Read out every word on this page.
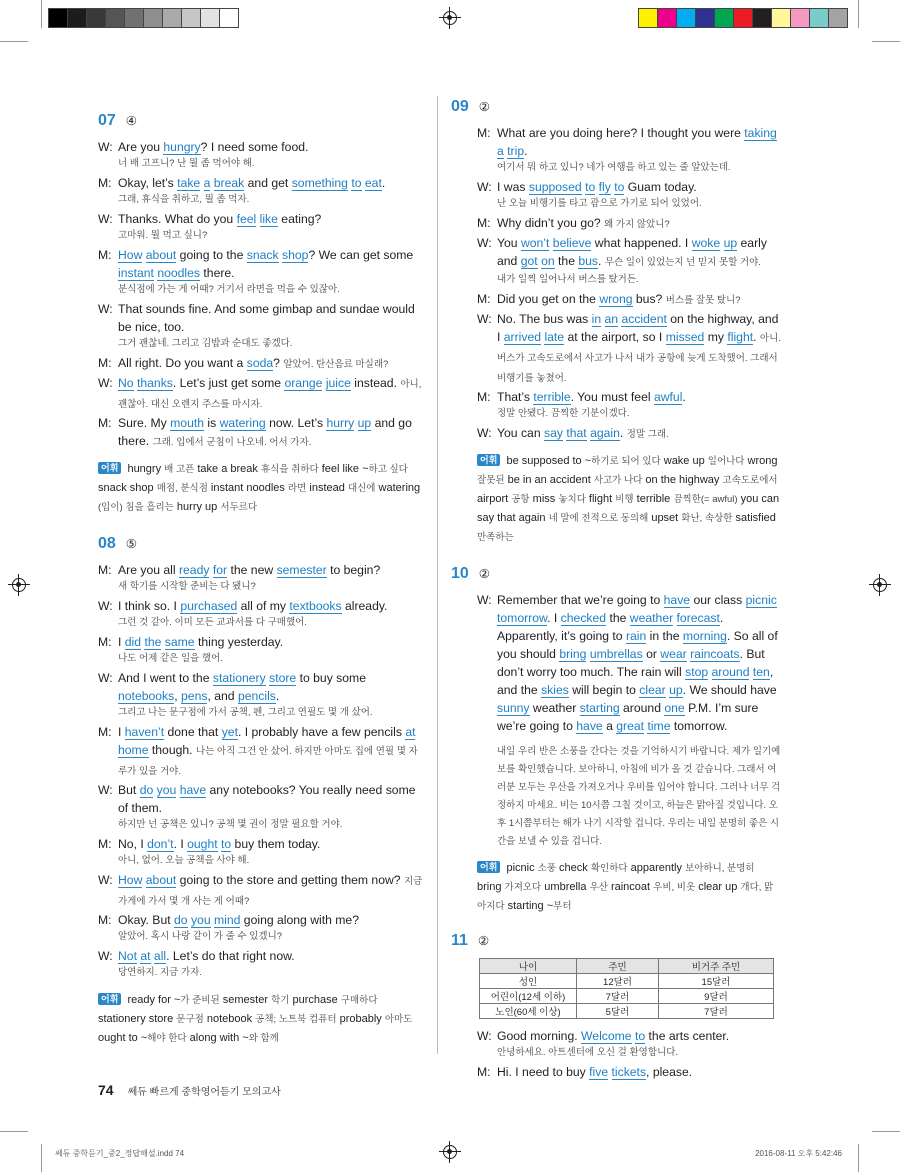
07 ④
W: Are you hungry? I need some food.
너 배 고프니? 난 뭘 좀 먹어야 해.
M: Okay, let’s take a break and get something to eat.
그래, 휴식을 취하고, 뭘 좀 먹자.
W: Thanks. What do you feel like eating?
고마워. 뭘 먹고 싶니?
M: How about going to the snack shop? We can get some instant noodles there.
분식점에 가는 게 어때? 거기서 라면을 먹을 수 있잖아.
W: That sounds fine. And some gimbap and sundae would be nice, too.
그거 괜찮네. 그리고 김밥과 순대도 좋겠다.
M: All right. Do you want a soda? 알았어. 탄산음료 마실래?
W: No thanks. Let’s just get some orange juice instead. 아니, 괜찮아. 대신 오렌지 주스를 마시자.
M: Sure. My mouth is watering now. Let’s hurry up and go there. 그래. 입에서 군침이 나오네. 어서 가자.
어휘 hungry 배 고픈 take a break 휴식을 취하다 feel like ~하고 싶다 snack shop 매점, 분식점 instant noodles 라면 instead 대신에 watering (입이) 침을 흘리는 hurry up 서두르다
08 ⑤
M: Are you all ready for the new semester to begin?
새 학기를 시작할 준비는 다 됐니?
W: I think so. I purchased all of my textbooks already.
그런 것 같아. 이미 모든 교과서를 다 구매했어.
M: I did the same thing yesterday.
나도 어제 같은 일을 했어.
W: And I went to the stationery store to buy some notebooks, pens, and pencils.
그리고 나는 문구점에 가서 공책, 펜, 그리고 연필도 몇 개 샀어.
M: I haven’t done that yet. I probably have a few pencils at home though. 나는 아직 그건 안 샀어. 하지만 아마도 집에 연필 몇 자루가 있을 거야.
W: But do you have any notebooks? You really need some of them.
하지만 넌 공책은 있니? 공책 몇 권이 정말 필요할 거야.
M: No, I don’t. I ought to buy them today.
아니, 없어. 오늘 공책을 사야 해.
W: How about going to the store and getting them now? 지금 가게에 가서 몇 개 사는 게 어때?
M: Okay. But do you mind going along with me?
알았어. 혹시 나랑 같이 가 줄 수 있겠니?
W: Not at all. Let’s do that right now.
당연하지. 지금 가자.
어휘 ready for ~가 준비된 semester 학기 purchase 구매하다 stationery store 문구점 notebook 공책; 노트북 컴퓨터 probably 아마도 ought to ~해야 한다 along with ~와 함께
09 ②
M: What are you doing here? I thought you were taking a trip.
여기서 뭐 하고 있니? 네가 여행을 하고 있는 줄 알았는데.
W: I was supposed to fly to Guam today.
난 오늘 비행기를 타고 괌으로 가기로 되어 있었어.
M: Why didn’t you go? 왜 가지 않았니?
W: You won’t believe what happened. I woke up early and got on the bus. 무슨 일이 있었는지 넌 믿지 못할 거야.
내가 일찍 일어나서 버스를 탔거든.
M: Did you get on the wrong bus? 버스를 잘못 탔니?
W: No. The bus was in an accident on the highway, and I arrived late at the airport, so I missed my flight. 아니. 버스가 고속도로에서 사고가 나서 내가 공항에 늦게 도착했어. 그래서 비행기를 놓쳤어.
M: That’s terrible. You must feel awful.
정말 안됐다. 끔찍한 기분이겠다.
W: You can say that again. 정말 그래.
어휘 be supposed to ~하기로 되어 있다 wake up 일어나다 wrong 잘못된 be in an accident 사고가 나다 on the highway 고속도로에서 airport 공항 miss 놓치다 flight 비행 terrible 끔찍한(= awful) you can say that again 네 말에 전적으로 동의해 upset 화난, 속상한 satisfied 만족하는
10 ②
W: Remember that we’re going to have our class picnic tomorrow. I checked the weather forecast. Apparently, it’s going to rain in the morning. So all of you should bring umbrellas or wear raincoats. But don’t worry too much. The rain will stop around ten, and the skies will begin to clear up. We should have sunny weather starting around one P.M. I’m sure we’re going to have a great time tomorrow.

내일 우리 반은 소풍을 간다는 것을 기억하시기 바랍니다. 제가 일기예보를 확인했습니다. 보아하니, 아침에 비가 올 것 같습니다. 그래서 여러분 모두는 우산을 가져오거나 우비를 입어야 합니다. 그러나 너무 걱정하지 마세요. 비는 10시쯤 그칠 것이고, 하늘은 맑아질 것입니다. 오후 1시쯤부터는 해가 나기 시작할 겁니다. 우리는 내일 분명히 좋은 시간을 보낼 수 있을 겁니다.

어휘 picnic 소풍 check 확인하다 apparently 보아하니, 분명히 bring 가져오다 umbrella 우산 raincoat 우비, 비옷 clear up 개다, 맑아지다 starting ~부터
11 ②
나이	주민	비거주 주민
성인	12달러	15달러
어린이(12세 이하)	7달러	9달러
노인(60세 이상)	5달러	7달러
W: Good morning. Welcome to the arts center.
안녕하세요. 아트센터에 오신 걸 환영합니다.
M: Hi. I need to buy five tickets, please.
74 쎄듀 빠르게 중학영어듣기 모의고사
쎄듀 중학듣기_중2_정답해설.indd 74	2016-08-11 오후 5:42:46
